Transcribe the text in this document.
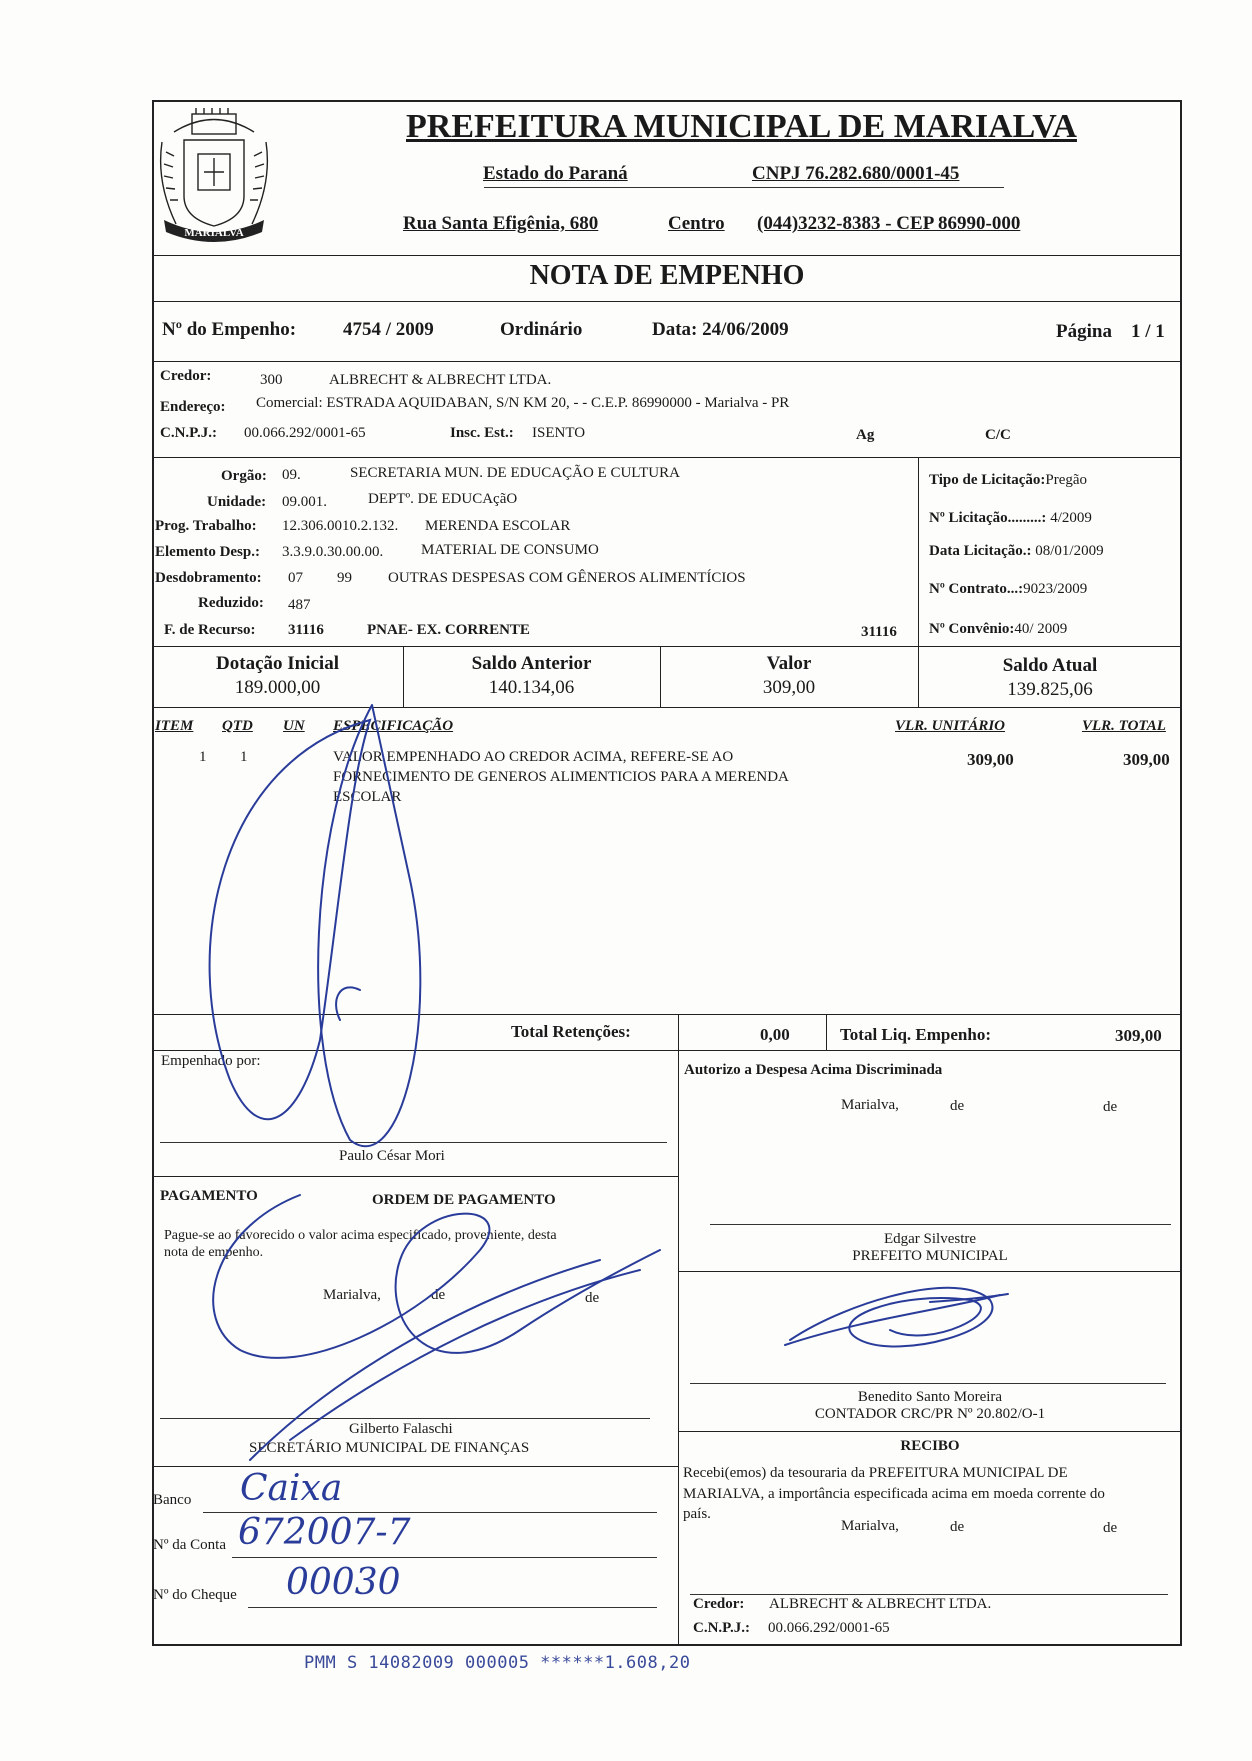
MARIALVA
PREFEITURA MUNICIPAL DE MARIALVA
Estado do Paraná	CNPJ 76.282.680/0001-45
Rua Santa Efigênia, 680	Centro (044)3232-8383 - CEP 86990-000
NOTA DE EMPENHO
Nº do Empenho: 4754 / 2009	Ordinário	Data: 24/06/2009	Página 1 / 1
Credor:	300	ALBRECHT & ALBRECHT LTDA.
Endereço: Comercial: ESTRADA AQUIDABAN, S/N KM 20, - - C.E.P. 86990000 - Marialva - PR
C.N.P.J.: 00.066.292/0001-65	Insc. Est.: ISENTO	Ag	C/C
Orgão: 09.	SECRETARIA MUN. DE EDUCAÇÃO E CULTURA
Unidade: 09.001.	DEPTº. DE EDUCAçãO
Prog. Trabalho: 12.306.0010.2.132. MERENDA ESCOLAR
Elemento Desp.: 3.3.9.0.30.00.00.	MATERIAL DE CONSUMO
Desdobramento: 07 99 OUTRAS DESPESAS COM GÊNEROS ALIMENTÍCIOS
Reduzido: 487
F. de Recurso: 31116	PNAE- EX. CORRENTE	31116
Tipo de Licitação:Pregão
Nº Licitação.........: 4/2009
Data Licitação.: 08/01/2009
Nº Contrato...:9023/2009
Nº Convênio:40/ 2009
Dotação Inicial
189.000,00
Saldo Anterior
140.134,06
Valor
309,00
Saldo Atual
139.825,06
ITEM QTD UN ESPECIFICAÇÃO	VLR. UNITÁRIO	VLR. TOTAL
1 1	VALOR EMPENHADO AO CREDOR ACIMA, REFERE-SE AO
FORNECIMENTO DE GENEROS ALIMENTICIOS PARA A MERENDA
ESCOLAR
309,00	309,00
Total Retenções:	0,00	Total Liq. Empenho:	309,00
Empenhado por:
Paulo César Mori
Autorizo a Despesa Acima Discriminada
Marialva,	de	de
Edgar Silvestre
PREFEITO MUNICIPAL
PAGAMENTO	ORDEM DE PAGAMENTO
Pague-se ao favorecido o valor acima especificado, proveniente, desta
nota de empenho.
Marialva,	de	de
Gilberto Falaschi
SECRETÁRIO MUNICIPAL DE FINANÇAS
Benedito Santo Moreira
CONTADOR CRC/PR Nº 20.802/O-1
RECIBO
Recebi(emos) da tesouraria da PREFEITURA MUNICIPAL DE
MARIALVA, a importância especificada acima em moeda corrente do
país.
Marialva,	de	de
Credor: ALBRECHT & ALBRECHT LTDA.
C.N.P.J.: 00.066.292/0001-65
Banco Caixa
Nº da Conta 672007-7
Nº do Cheque 00030
PMM S 14082009 000005 ******1.608,20
